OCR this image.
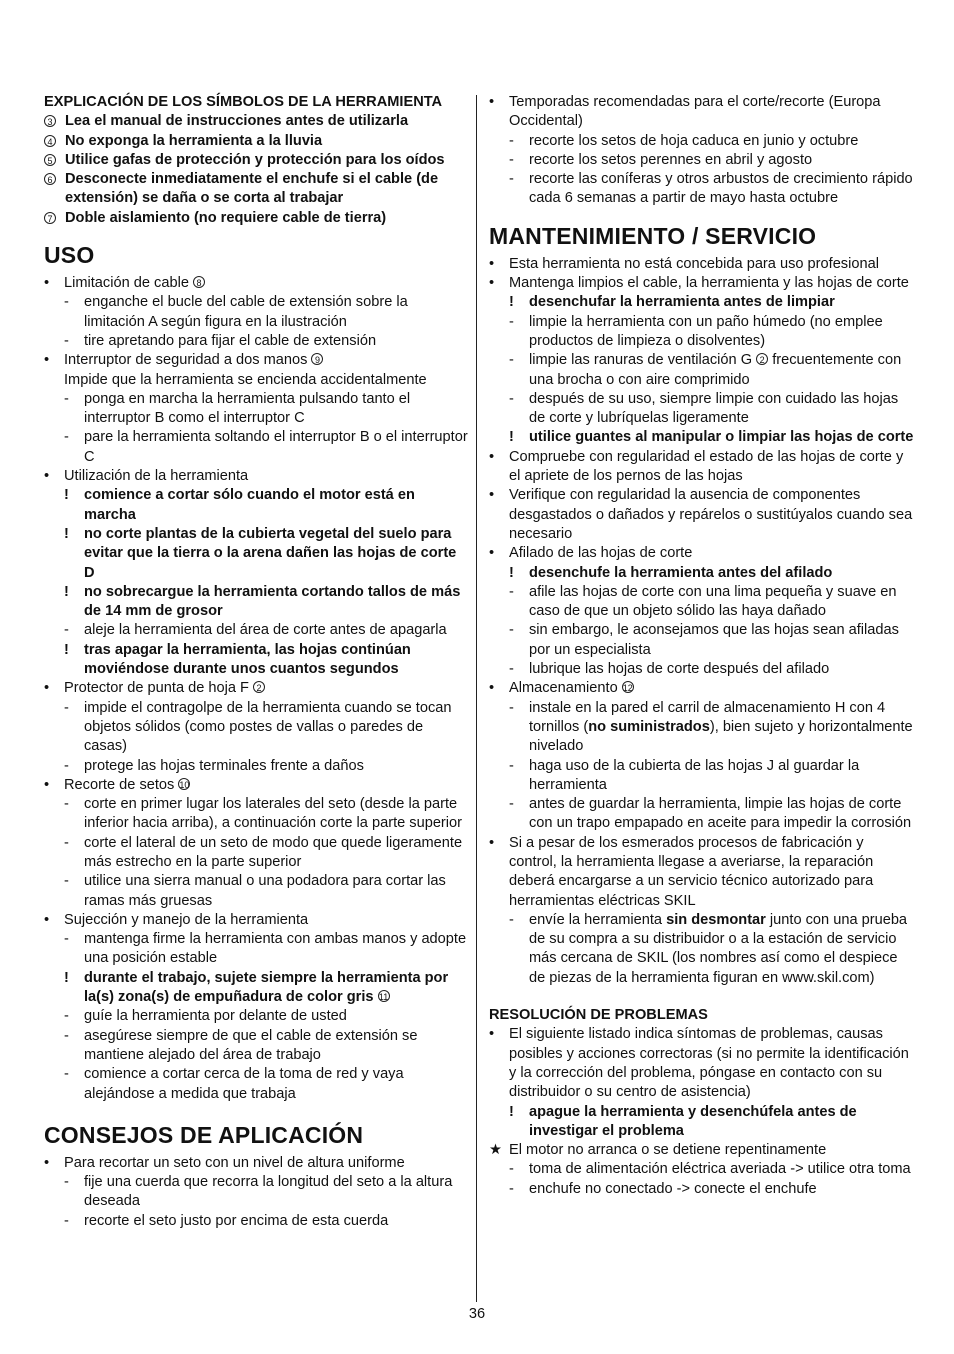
EXPLICACIÓN DE LOS SÍMBOLOS DE LA HERRAMIENTA

3 Lea el manual de instrucciones antes de utilizarla

4 No exponga la herramienta a la lluvia

5 Utilice gafas de protección y protección para los oídos

6 Desconecte inmediatamente el enchufe si el cable (de extensión) se daña o se corta al trabajar

7 Doble aislamiento (no requiere cable de tierra)

USO

• Limitación de cable 8

- enganche el bucle del cable de extensión sobre la limitación A según figura en la ilustración

- tire apretando para fijar el cable de extensión

• Interruptor de seguridad a dos manos 9

Impide que la herramienta se encienda accidentalmente

- ponga en marcha la herramienta pulsando tanto el interruptor B como el interruptor C

- pare la herramienta soltando el interruptor B o el interruptor C

• Utilización de la herramienta

! comience a cortar sólo cuando el motor está en marcha

! no corte plantas de la cubierta vegetal del suelo para evitar que la tierra o la arena dañen las hojas de corte D

! no sobrecargue la herramienta cortando tallos de más de 14 mm de grosor

- aleje la herramienta del área de corte antes de apagarla

! tras apagar la herramienta, las hojas continúan moviéndose durante unos cuantos segundos

• Protector de punta de hoja F 2

- impide el contragolpe de la herramienta cuando se tocan objetos sólidos (como postes de vallas o paredes de casas)

- protege las hojas terminales frente a daños

• Recorte de setos 10

- corte en primer lugar los laterales del seto (desde la parte inferior hacia arriba), a continuación corte la parte superior

- corte el lateral de un seto de modo que quede ligeramente más estrecho en la parte superior

- utilice una sierra manual o una podadora para cortar las ramas más gruesas

• Sujección y manejo de la herramienta

- mantenga firme la herramienta con ambas manos y adopte una posición estable

! durante el trabajo, sujete siempre la herramienta por la(s) zona(s) de empuñadura de color gris 11

- guíe la herramienta por delante de usted

- asegúrese siempre de que el cable de extensión se mantiene alejado del área de trabajo

- comience a cortar cerca de la toma de red y vaya alejándose a medida que trabaja

CONSEJOS DE APLICACIÓN

• Para recortar un seto con un nivel de altura uniforme

- fije una cuerda que recorra la longitud del seto a la altura deseada

- recorte el seto justo por encima de esta cuerda

• Temporadas recomendadas para el corte/recorte (Europa Occidental)

- recorte los setos de hoja caduca en junio y octubre

- recorte los setos perennes en abril y agosto

- recorte las coníferas y otros arbustos de crecimiento rápido cada 6 semanas a partir de mayo hasta octubre

MANTENIMIENTO / SERVICIO

• Esta herramienta no está concebida para uso profesional

• Mantenga limpios el cable, la herramienta y las hojas de corte

! desenchufar la herramienta antes de limpiar

- limpie la herramienta con un paño húmedo (no emplee productos de limpieza o disolventes)

- limpie las ranuras de ventilación G 2 frecuentemente con una brocha o con aire comprimido

- después de su uso, siempre limpie con cuidado las hojas de corte y lubríquelas ligeramente

! utilice guantes al manipular o limpiar las hojas de corte

• Compruebe con regularidad el estado de las hojas de corte y el apriete de los pernos de las hojas

• Verifique con regularidad la ausencia de componentes desgastados o dañados y repárelos o sustitúyalos cuando sea necesario

• Afilado de las hojas de corte

! desenchufe la herramienta antes del afilado

- afile las hojas de corte con una lima pequeña y suave en caso de que un objeto sólido las haya dañado

- sin embargo, le aconsejamos que las hojas sean afiladas por un especialista

- lubrique las hojas de corte después del afilado

• Almacenamiento 12

- instale en la pared el carril de almacenamiento H con 4 tornillos (no suministrados), bien sujeto y horizontalmente nivelado

- haga uso de la cubierta de las hojas J al guardar la herramienta

- antes de guardar la herramienta, limpie las hojas de corte con un trapo empapado en aceite para impedir la corrosión

• Si a pesar de los esmerados procesos de fabricación y control, la herramienta llegase a averiarse, la reparación deberá encargarse a un servicio técnico autorizado para herramientas eléctricas SKIL

- envíe la herramienta sin desmontar junto con una prueba de su compra a su distribuidor o a la estación de servicio más cercana de SKIL (los nombres así como el despiece de piezas de la herramienta figuran en www.skil.com)

RESOLUCIÓN DE PROBLEMAS

• El siguiente listado indica síntomas de problemas, causas posibles y acciones correctoras (si no permite la identificación y la corrección del problema, póngase en contacto con su distribuidor o su centro de asistencia)

! apague la herramienta y desenchúfela antes de investigar el problema

★ El motor no arranca o se detiene repentinamente

- toma de alimentación eléctrica averiada -> utilice otra toma

- enchufe no conectado -> conecte el enchufe

36
